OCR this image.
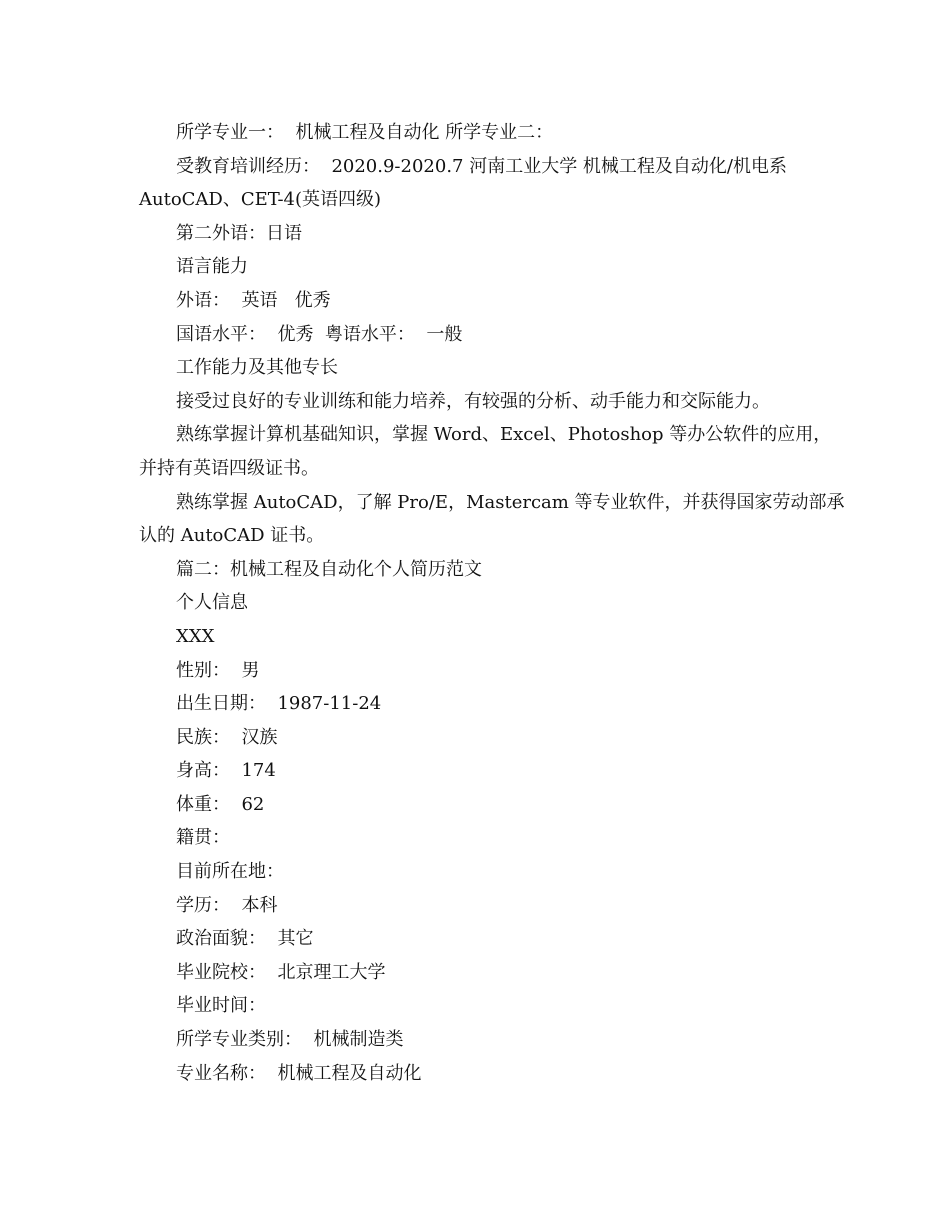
所学专业一：  机械工程及自动化 所学专业二：
受教育培训经历：  2020.9-2020.7 河南工业大学 机械工程及自动化/机电系
AutoCAD、CET-4(英语四级)
第二外语：日语
语言能力
外语：  英语   优秀
国语水平：  优秀  粤语水平：  一般
工作能力及其他专长
接受过良好的专业训练和能力培养，有较强的分析、动手能力和交际能力。
熟练掌握计算机基础知识，掌握 Word、Excel、Photoshop 等办公软件的应用，
并持有英语四级证书。
熟练掌握 AutoCAD，了解 Pro/E，Mastercam 等专业软件，并获得国家劳动部承
认的 AutoCAD 证书。
篇二：机械工程及自动化个人简历范文
个人信息
XXX
性别：  男
出生日期：  1987-11-24
民族：  汉族
身高：  174
体重：  62
籍贯：
目前所在地：
学历：  本科
政治面貌：  其它
毕业院校：  北京理工大学
毕业时间：
所学专业类别：  机械制造类
专业名称：  机械工程及自动化
